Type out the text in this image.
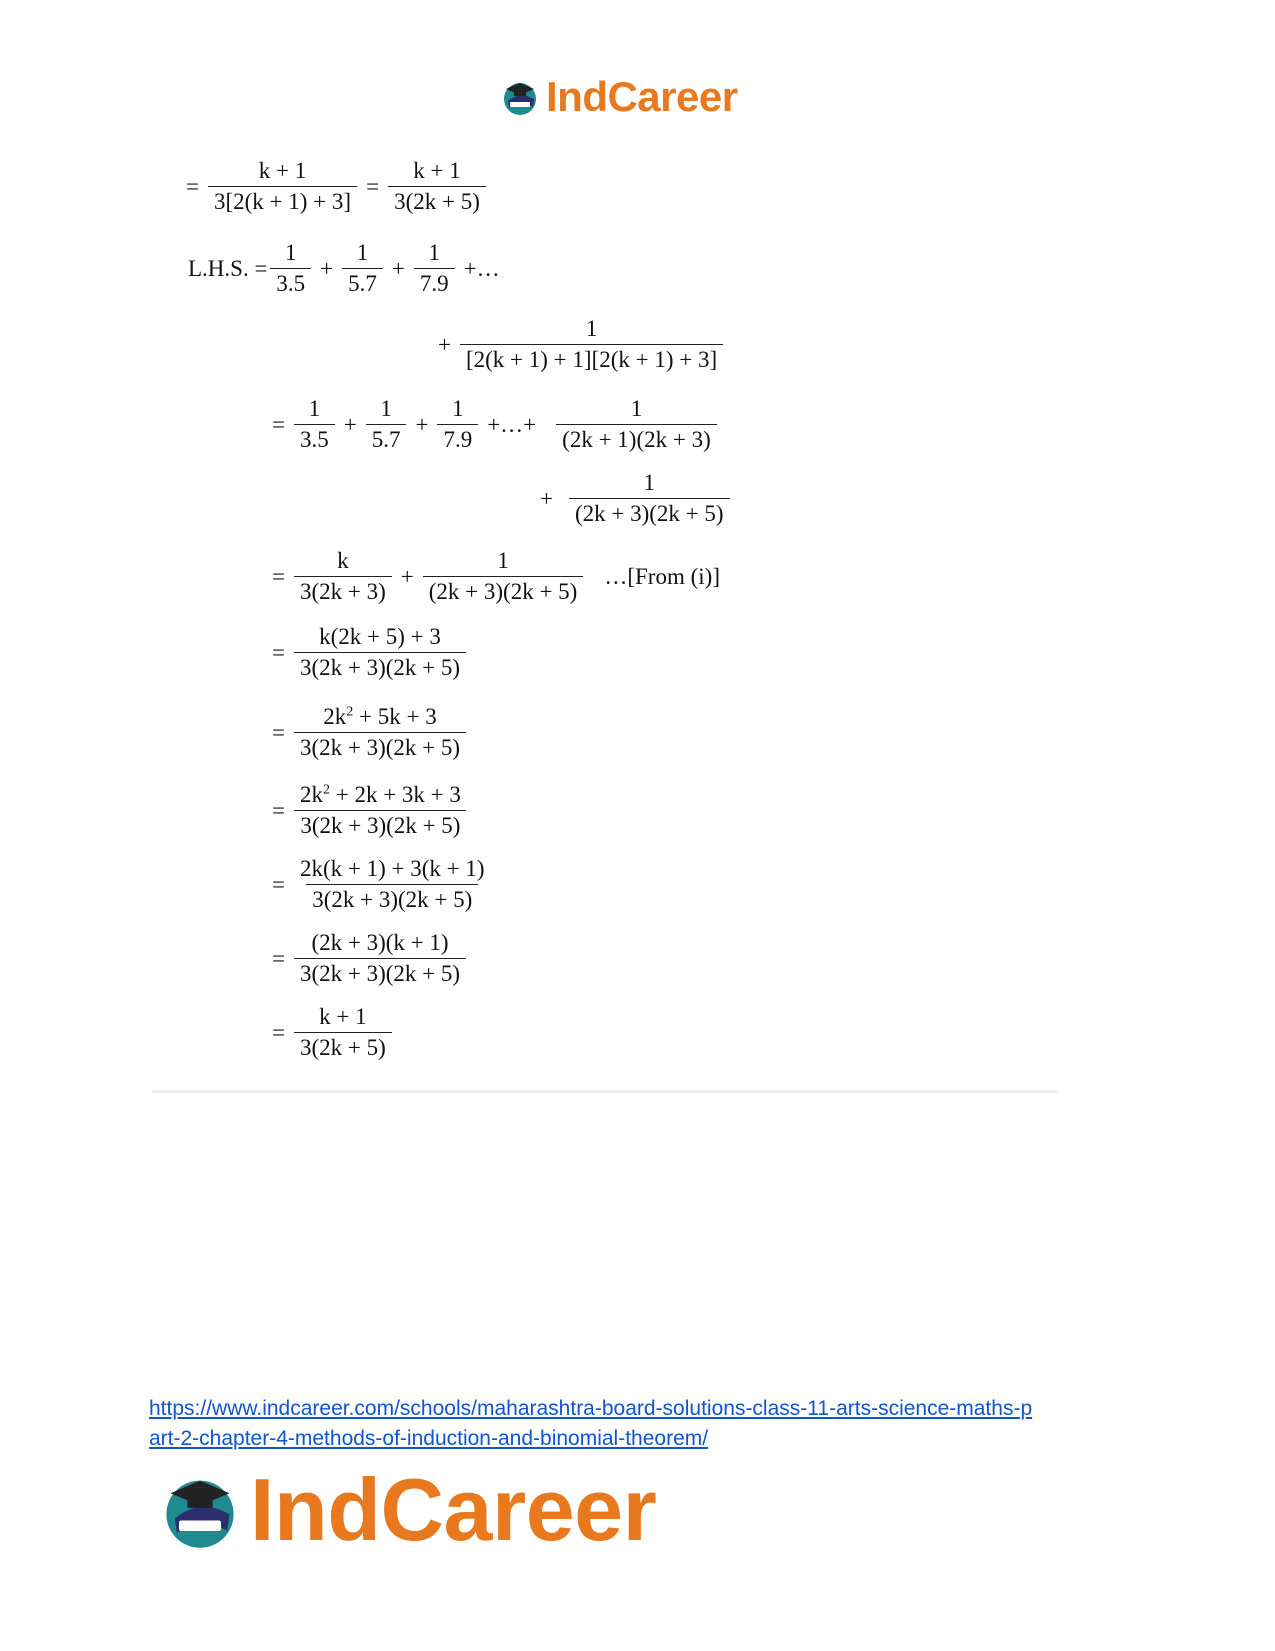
IndCareer
= $\frac{k + 1}{3[2(k + 1) + 3]} = \frac{k + 1}{3(2k + 5)}$
L.H.S. = $\frac{1}{3.5} + \frac{1}{5.7} + \frac{1}{7.9}$ +…
+ $\frac{1}{[2(k + 1) + 1][2(k + 1) + 3]}$
= $\frac{1}{3.5} + \frac{1}{5.7} + \frac{1}{7.9}$ +…+ $\frac{1}{(2k + 1)(2k + 3)}$
+ $\frac{1}{(2k + 3)(2k + 5)}$
= $\frac{k}{3(2k + 3)} + \frac{1}{(2k + 3)(2k + 5)}$ …[From (i)]
= $\frac{k(2k + 5) + 3}{3(2k + 3)(2k + 5)}$
= $\frac{2k^2 + 5k + 3}{3(2k + 3)(2k + 5)}$
= $\frac{2k^2 + 2k + 3k + 3}{3(2k + 3)(2k + 5)}$
= $\frac{2k(k + 1) + 3(k + 1)}{3(2k + 3)(2k + 5)}$
= $\frac{(2k + 3)(k + 1)}{3(2k + 3)(2k + 5)}$
= $\frac{k + 1}{3(2k + 5)}$
https://www.indcareer.com/schools/maharashtra-board-solutions-class-11-arts-science-maths-p
art-2-chapter-4-methods-of-induction-and-binomial-theorem/
IndCareer
